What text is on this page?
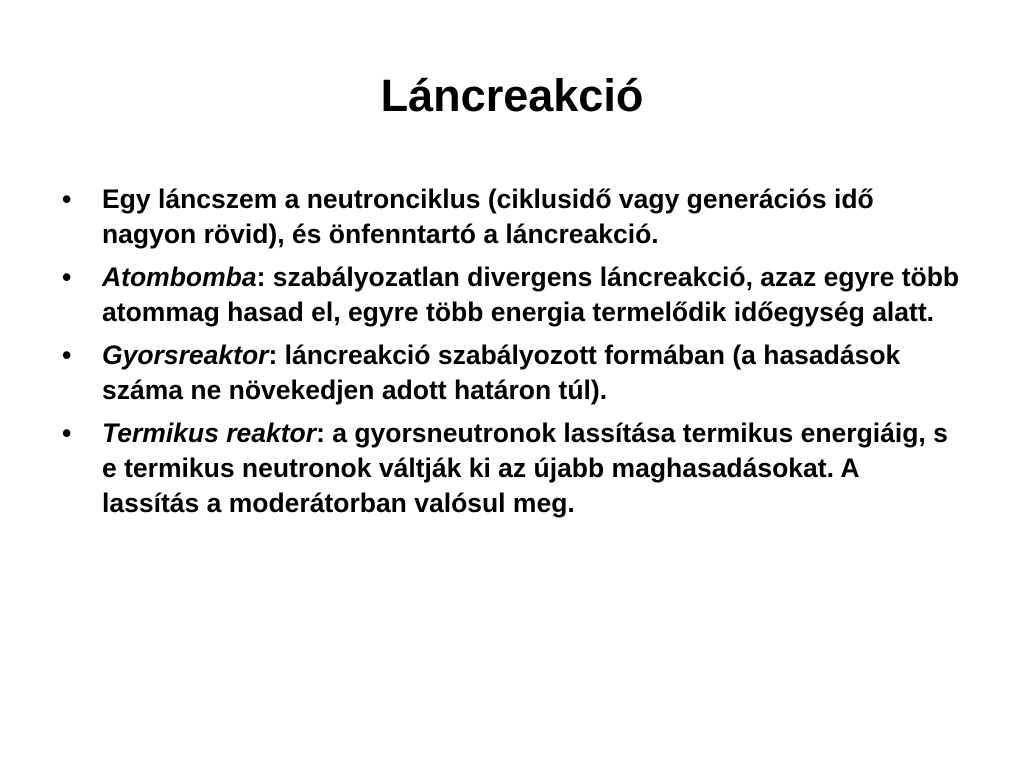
Láncreakció
•	Egy láncszem a neutronciklus (ciklusidő vagy generációs idő nagyon rövid), és önfenntartó a láncreakció.
•	Atombomba: szabályozatlan divergens láncreakció, azaz egyre több atommag hasad el, egyre több energia termelődik időegység alatt.
•	Gyorsreaktor: láncreakció szabályozott formában (a hasadások száma ne növekedjen adott határon túl).
•	Termikus reaktor: a gyorsneutronok lassítása termikus energiáig, s e termikus neutronok váltják ki az újabb maghasadásokat. A lassítás a moderátorban valósul meg.
